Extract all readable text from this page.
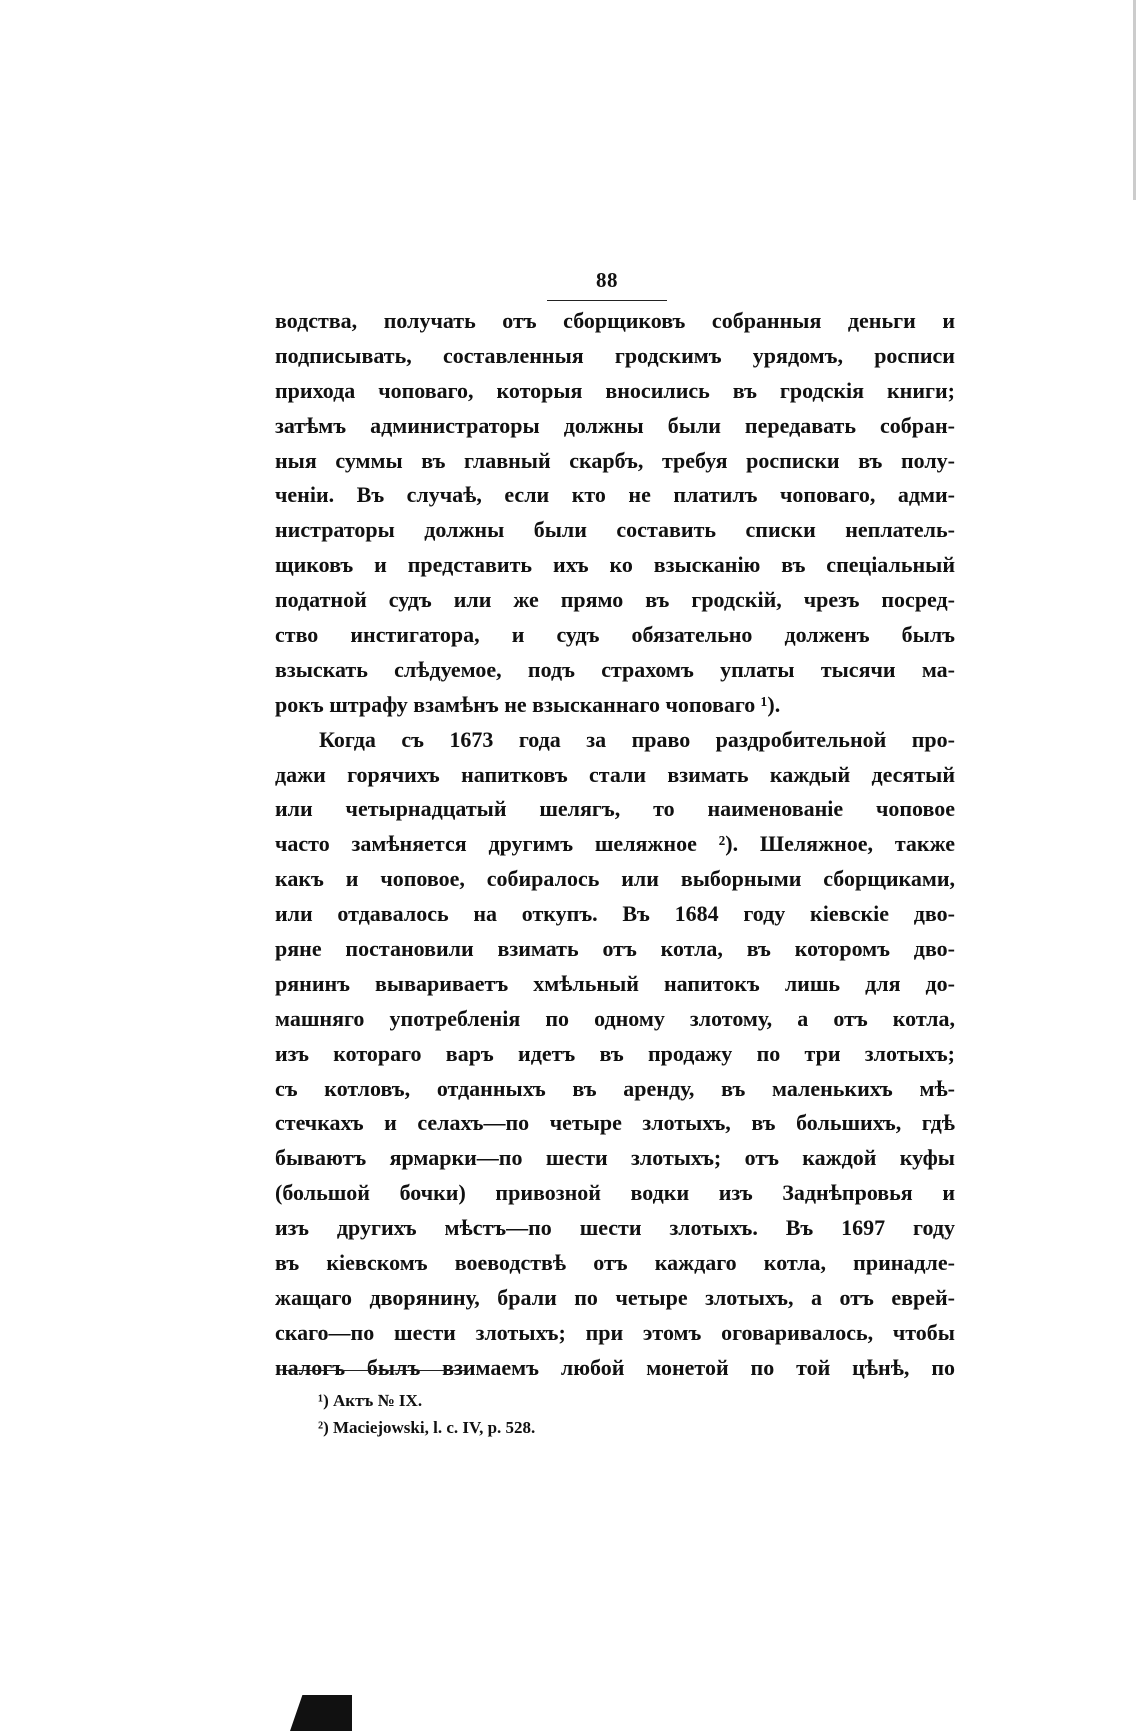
88
водства, получать отъ сборщиковъ собранныя деньги и
подписывать, составленныя гродскимъ урядомъ, росписи
прихода чоповаго, которыя вносились въ гродскія книги;
затѣмъ администраторы должны были передавать собран-
ныя суммы въ главный скарбъ, требуя росписки въ полу-
ченіи. Въ случаѣ, если кто не платилъ чоповаго, адми-
нистраторы должны были составить списки неплатель-
щиковъ и представить ихъ ко взысканію въ спеціальный
податной судъ или же прямо въ гродскій, чрезъ посред-
ство инстигатора, и судъ обязательно долженъ былъ
взыскать слѣдуемое, подъ страхомъ уплаты тысячи ма-
рокъ штрафу взамѣнъ не взысканнаго чоповаго ¹).
Когда съ 1673 года за право раздробительной про-
дажи горячихъ напитковъ стали взимать каждый десятый
или четырнадцатый шелягъ, то наименованіе чоповое
часто замѣняется другимъ шеляжное ²). Шеляжное, также
какъ и чоповое, собиралось или выборными сборщиками,
или отдавалось на откупъ. Въ 1684 году кіевскіе дво-
ряне постановили взимать отъ котла, въ которомъ дво-
рянинъ вывариваетъ хмѣльный напитокъ лишь для до-
машняго употребленія по одному злотому, а отъ котла,
изъ котораго варъ идетъ въ продажу по три злотыхъ;
съ котловъ, отданныхъ въ аренду, въ маленькихъ мѣ-
стечкахъ и селахъ—по четыре злотыхъ, въ большихъ, гдѣ
бываютъ ярмарки—по шести злотыхъ; отъ каждой куфы
(большой бочки) привозной водки изъ Заднѣпровья и
изъ другихъ мѣстъ—по шести злотыхъ. Въ 1697 году
въ кіевскомъ воеводствѣ отъ каждаго котла, принадле-
жащаго дворянину, брали по четыре злотыхъ, а отъ еврей-
скаго—по шести злотыхъ; при этомъ оговаривалось, чтобы
налогъ былъ взимаемъ любой монетой по той цѣнѣ, по
¹) Актъ № IX.
²) Maciejowski, l. c. IV, p. 528.
